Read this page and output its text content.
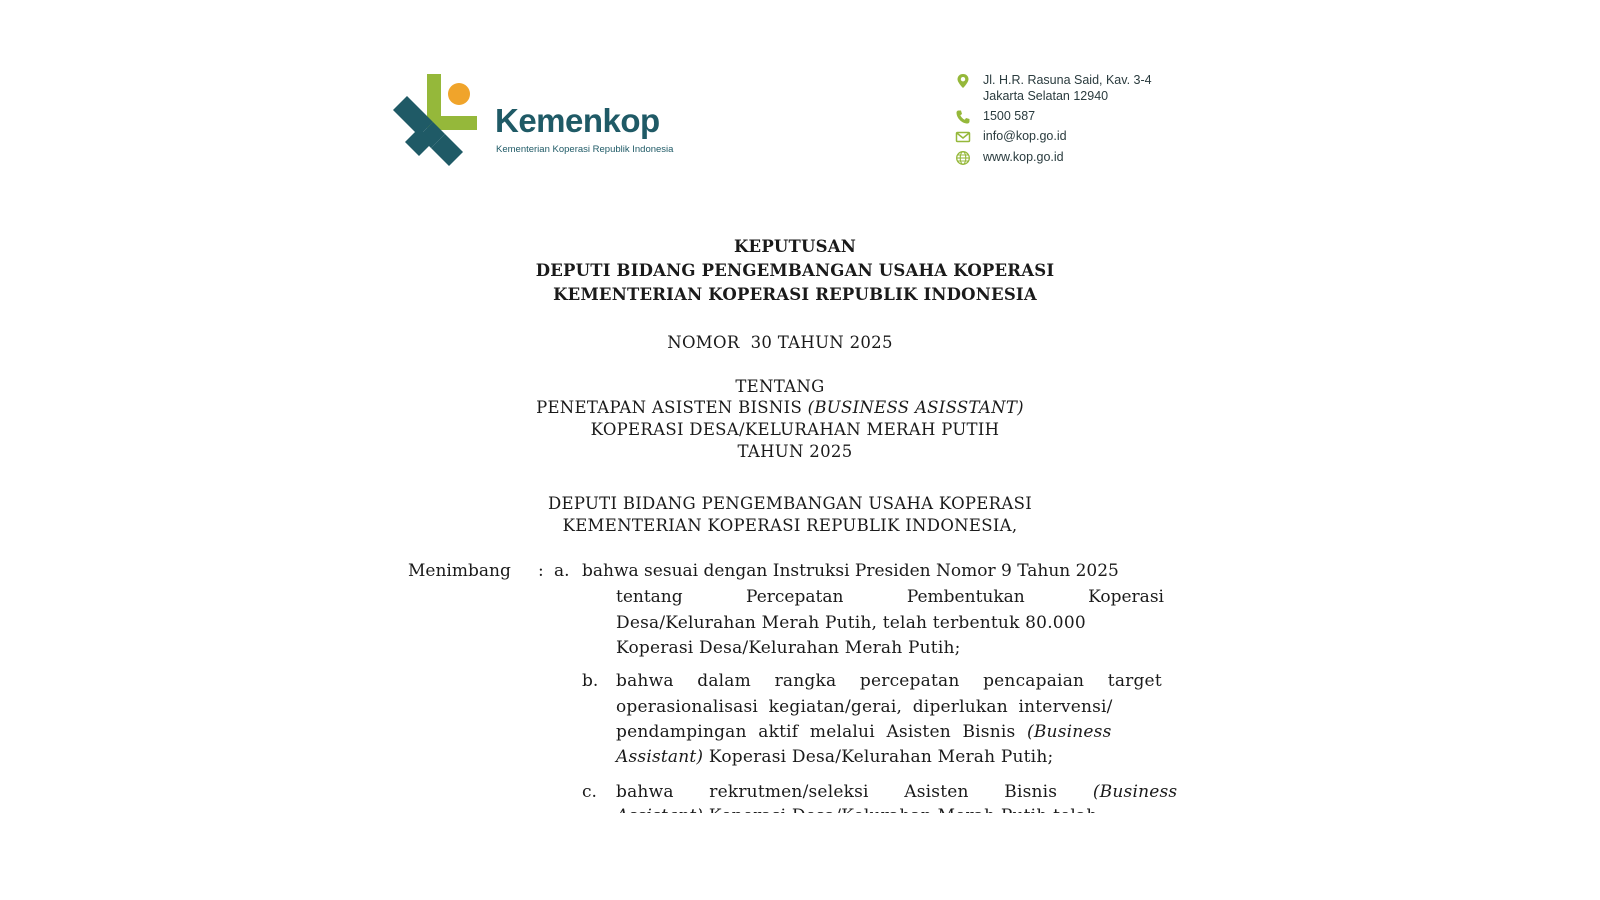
Kemenkop
Kementerian Koperasi Republik Indonesia
Jl. H.R. Rasuna Said, Kav. 3-4
Jakarta Selatan 12940
1500 587
info@kop.go.id
www.kop.go.id
KEPUTUSAN
DEPUTI BIDANG PENGEMBANGAN USAHA KOPERASI
KEMENTERIAN KOPERASI REPUBLIK INDONESIA
NOMOR  30 TAHUN 2025
TENTANG
PENETAPAN ASISTEN BISNIS (BUSINESS ASISSTANT)
KOPERASI DESA/KELURAHAN MERAH PUTIH
TAHUN 2025
DEPUTI BIDANG PENGEMBANGAN USAHA KOPERASI
KEMENTERIAN KOPERASI REPUBLIK INDONESIA,
Menimbang : a. bahwa sesuai dengan Instruksi Presiden Nomor 9 Tahun 2025
tentang Percepatan Pembentukan Koperasi
Desa/Kelurahan Merah Putih, telah terbentuk 80.000
Koperasi Desa/Kelurahan Merah Putih;
b. bahwa dalam rangka percepatan pencapaian target
operasionalisasi kegiatan/gerai, diperlukan intervensi/
pendampingan aktif melalui Asisten Bisnis (Business
Assistant) Koperasi Desa/Kelurahan Merah Putih;
c. bahwa rekrutmen/seleksi Asisten Bisnis (Business
